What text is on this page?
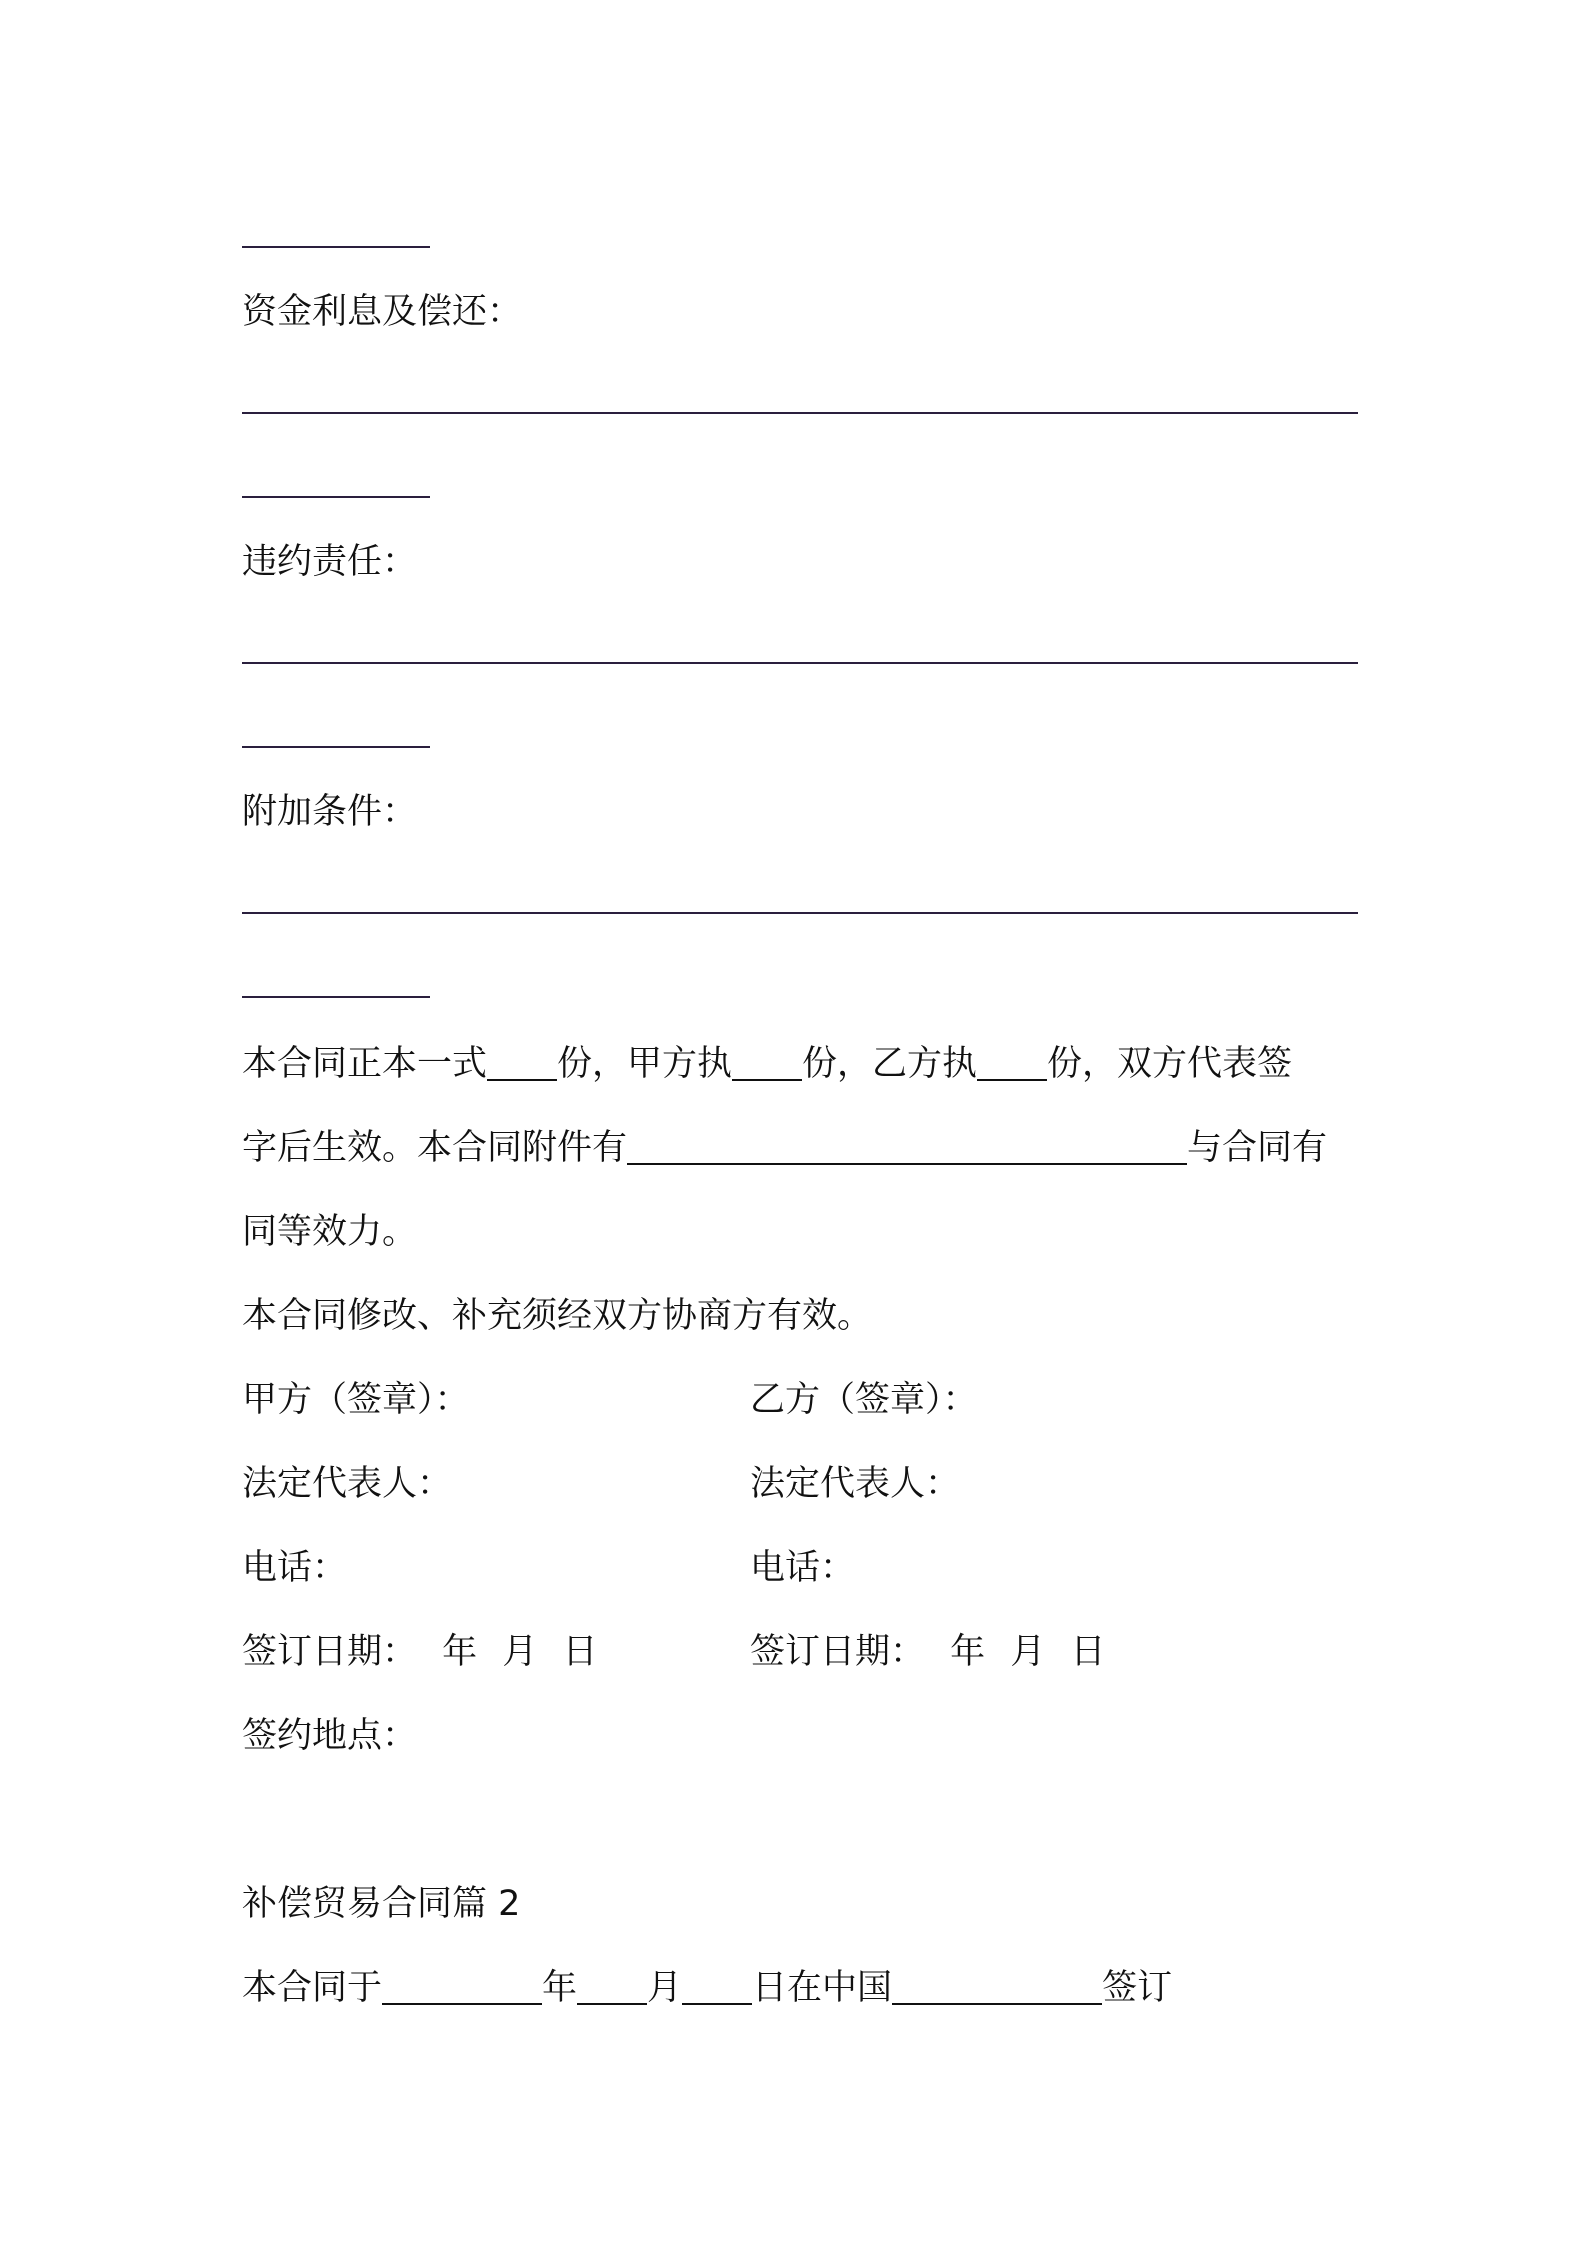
资金利息及偿还：
违约责任：
附加条件：
本合同正本一式 份，甲方执 份，乙方执 份，双方代表签
字后生效。本合同附件有	与合同有
同等效力。
本合同修改、补充须经双方协商方有效。
甲方（签章）：	乙方（签章）：
法定代表人：	法定代表人：
电话：	电话：
签订日期： 年 月 日	签订日期： 年 月 日
签约地点：
补偿贸易合同篇 2
本合同于	年 月 日在中国	签订
